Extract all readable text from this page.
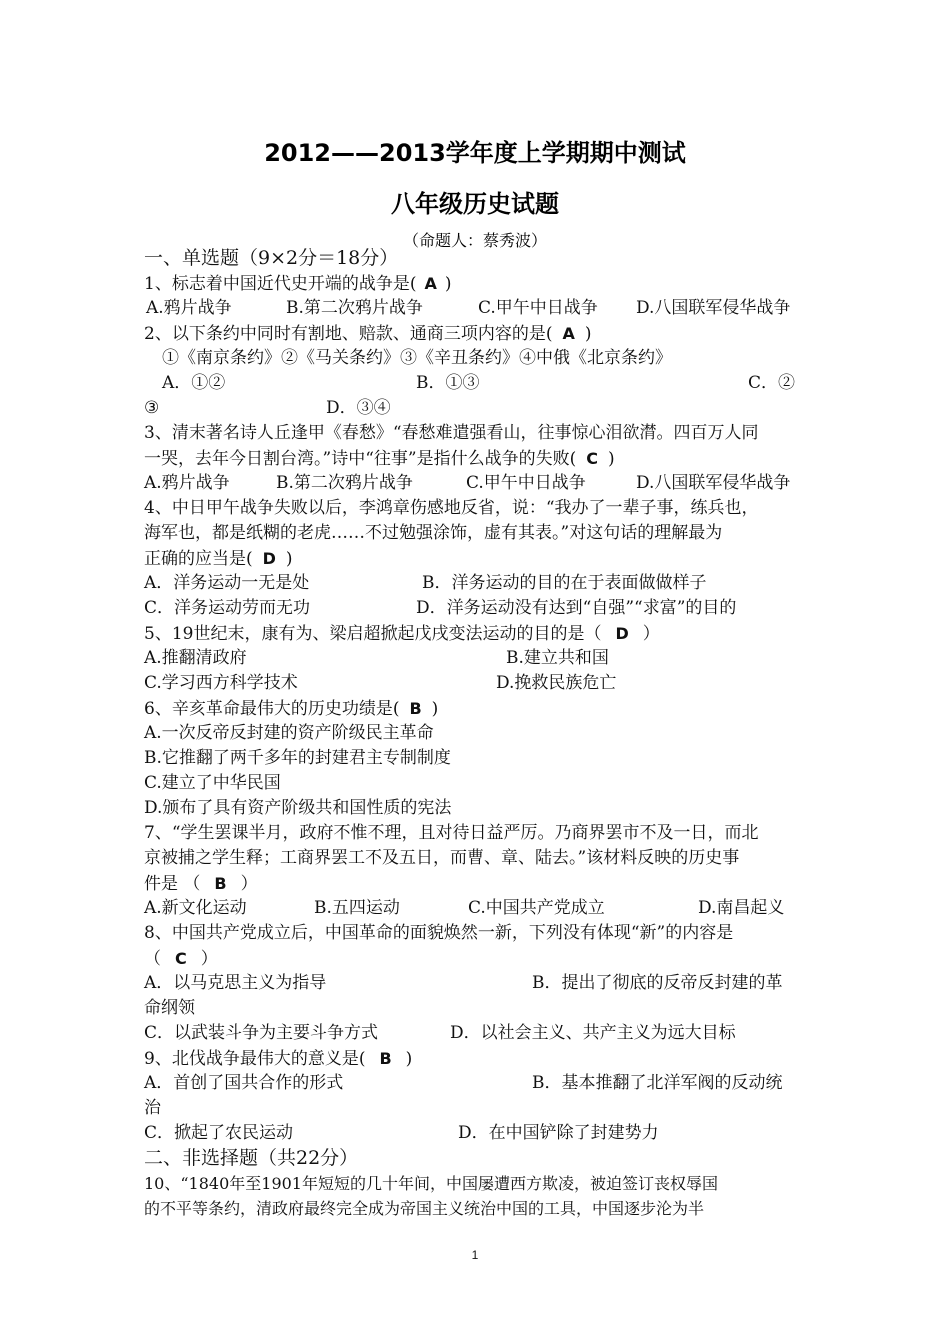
2012——2013学年度上学期期中测试
八年级历史试题
（命题人：蔡秀波）
一、单选题（9×2分＝18分）
1、标志着中国近代史开端的战争是( A )
A.鸦片战争	B.第二次鸦片战争	C.甲午中日战争 D.八国联军侵华战争
2、以下条约中同时有割地、赔款、通商三项内容的是( A )
①《南京条约》②《马关条约》③《辛丑条约》④中俄《北京条约》
A．①②	B．①③	C．②
③	D．③④
3、清末著名诗人丘逢甲《春愁》“春愁难遣强看山，往事惊心泪欲潸。四百万人同
一哭，去年今日割台湾。”诗中“往事”是指什么战争的失败( C )
A.鸦片战争	B.第二次鸦片战争	C.甲午中日战争	D.八国联军侵华战争
4、中日甲午战争失败以后，李鸿章伤感地反省，说：“我办了一辈子事，练兵也，
海军也，都是纸糊的老虎……不过勉强涂饰，虚有其表。”对这句话的理解最为
正确的应当是( D )
A．洋务运动一无是处	B．洋务运动的目的在于表面做做样子
C．洋务运动劳而无功	D．洋务运动没有达到“自强”“求富”的目的
5、19世纪末，康有为、梁启超掀起戊戌变法运动的目的是（ D ）
A.推翻清政府	B.建立共和国
C.学习西方科学技术	D.挽救民族危亡
6、辛亥革命最伟大的历史功绩是( B )
A.一次反帝反封建的资产阶级民主革命
B.它推翻了两千多年的封建君主专制制度
C.建立了中华民国
D.颁布了具有资产阶级共和国性质的宪法
7、“学生罢课半月，政府不惟不理，且对待日益严厉。乃商界罢市不及一日，而北
京被捕之学生释；工商界罢工不及五日，而曹、章、陆去。”该材料反映的历史事
件是 （ B ）
A.新文化运动	B.五四运动	C.中国共产党成立	D.南昌起义
8、中国共产党成立后，中国革命的面貌焕然一新，下列没有体现“新”的内容是
（ C ）
A．以马克思主义为指导	B．提出了彻底的反帝反封建的革
命纲领
C．以武装斗争为主要斗争方式	D．以社会主义、共产主义为远大目标
9、北伐战争最伟大的意义是( B )
A．首创了国共合作的形式	B．基本推翻了北洋军阀的反动统
治
C．掀起了农民运动	D．在中国铲除了封建势力
二、非选择题（共22分）
10、“1840年至1901年短短的几十年间，中国屡遭西方欺凌，被迫签订丧权辱国
的不平等条约，清政府最终完全成为帝国主义统治中国的工具，中国逐步沦为半
1
